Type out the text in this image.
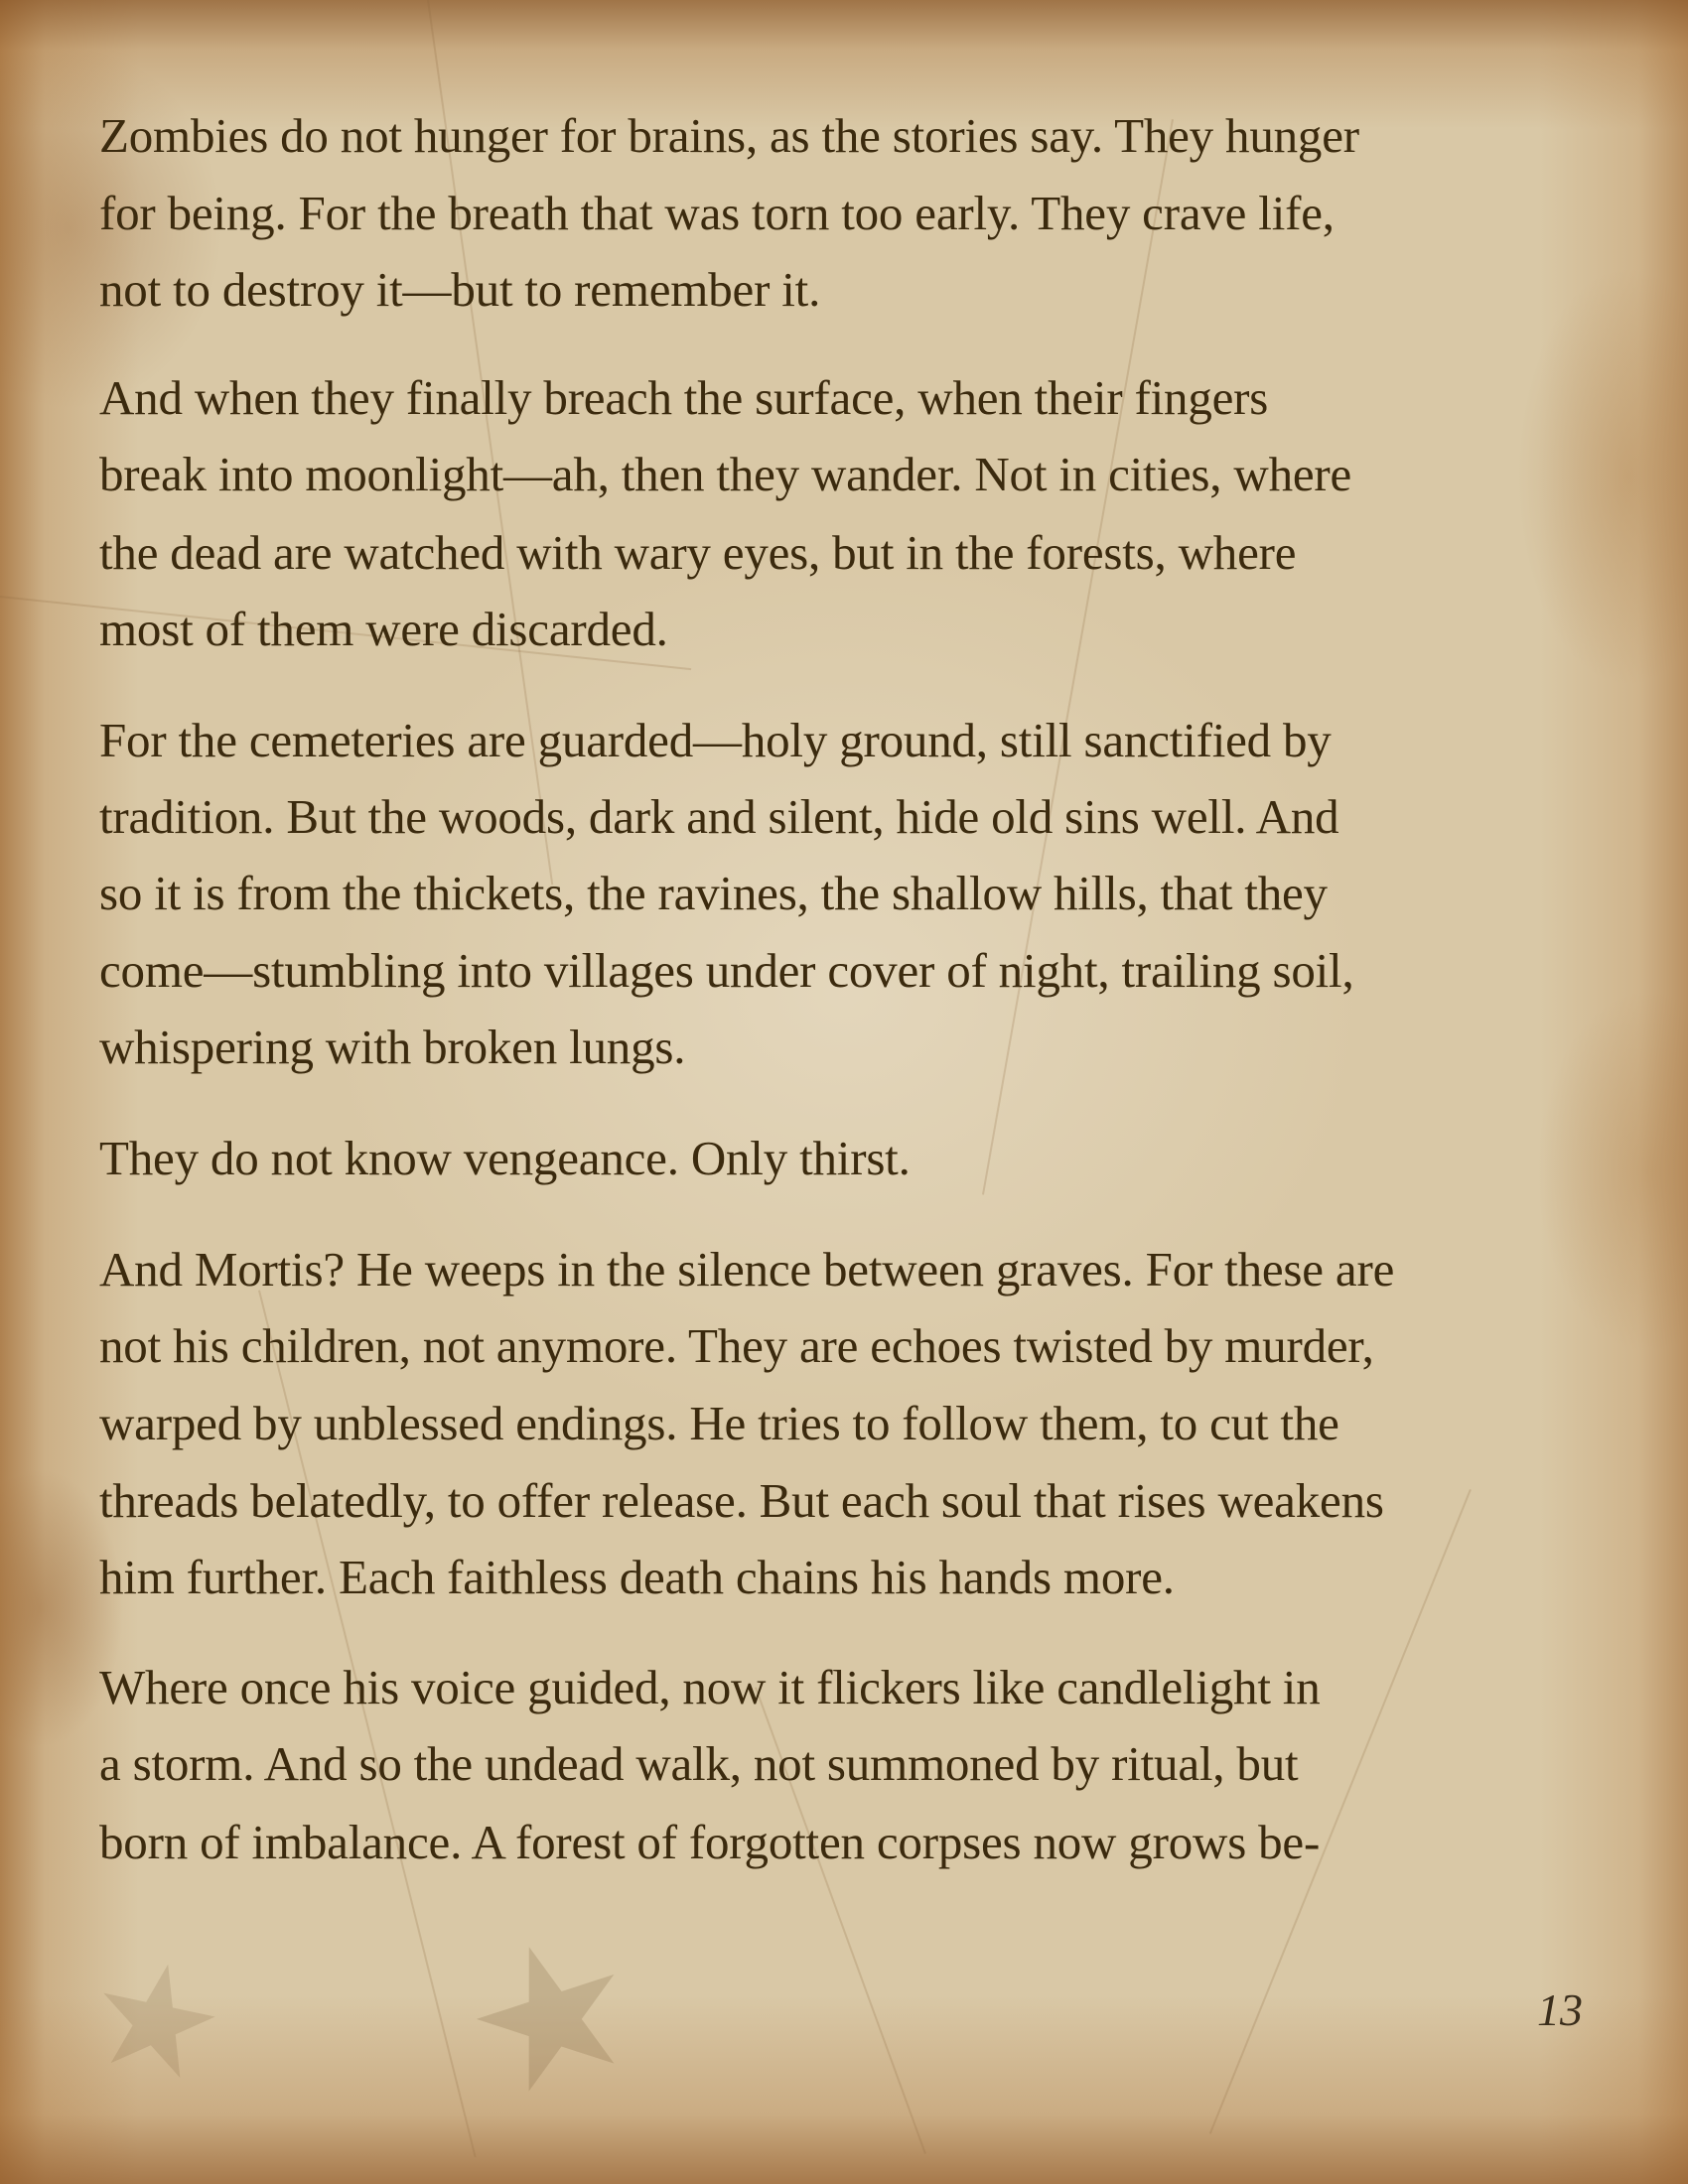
★
★
Zombies do not hunger for brains, as the stories say. They hunger
for being. For the breath that was torn too early. They crave life,
not to destroy it—but to remember it.
And when they finally breach the surface, when their fingers
break into moonlight—ah, then they wander. Not in cities, where
the dead are watched with wary eyes, but in the forests, where
most of them were discarded.
For the cemeteries are guarded—holy ground, still sanctified by
tradition. But the woods, dark and silent, hide old sins well. And
so it is from the thickets, the ravines, the shallow hills, that they
come—stumbling into villages under cover of night, trailing soil,
whispering with broken lungs.
They do not know vengeance. Only thirst.
And Mortis? He weeps in the silence between graves. For these are
not his children, not anymore. They are echoes twisted by murder,
warped by unblessed endings. He tries to follow them, to cut the
threads belatedly, to offer release. But each soul that rises weakens
him further. Each faithless death chains his hands more.
Where once his voice guided, now it flickers like candlelight in
a storm. And so the undead walk, not summoned by ritual, but
born of imbalance. A forest of forgotten corpses now grows be-
13
